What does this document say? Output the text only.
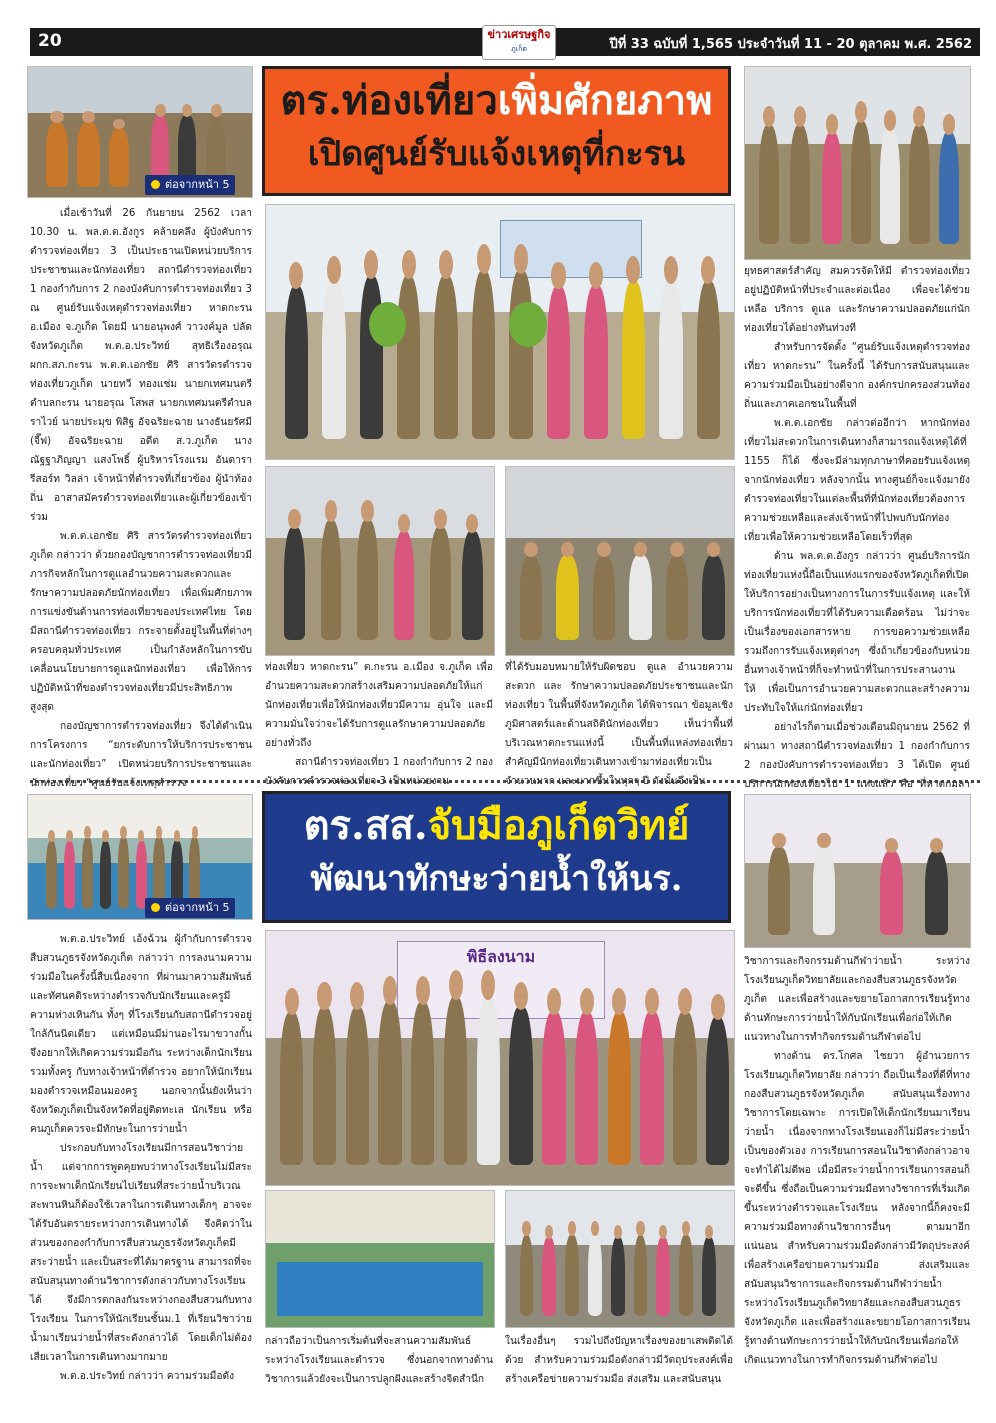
20	ข่าวเศรษฐกิจ
ภูเก็ต	ปีที่ 33 ฉบับที่ 1,565 ประจำวันที่ 11 - 20 ตุลาคม พ.ศ. 2562
ต่อจากหน้า 5
ตร.ท่องเที่ยวเพิ่มศักยภาพ
เปิดศูนย์รับแจ้งเหตุที่กะรน

เมื่อเช้าวันที่ 26 กันยายน 2562 เวลา 10.30 น. พล.ต.ต.อังกูร คล้ายคลึง ผู้บังคับการตำรวจท่องเที่ยว 3 เป็นประธานเปิดหน่วยบริการประชาชนและนักท่องเที่ยว สถานีตำรวจท่องเที่ยว 1 กองกำกับการ 2 กองบังคับการตำรวจท่องเที่ยว 3 ณ ศูนย์รับแจ้งเหตุตำรวจท่องเที่ยว หาดกะรน อ.เมือง จ.ภูเก็ต โดยมี นายอนุพงศ์ วาวงค์มูล ปลัดจังหวัดภูเก็ต พ.ต.อ.ประวิทย์ สุทธิเรืองอรุณ ผกก.สภ.กะรน พ.ต.ต.เอกชัย ศิริ สารวัตรตำรวจท่องเที่ยวภูเก็ต นายทวี ทองแช่ม นายกเทศมนตรีตำบลกะรน นายอรุณ โสพส นายกเทศมนตรีตำบลราไวย์ นายประมุข พิสิฐ อัจฉริยะฉาย นางธันยรัศมี (จี๊ฟ) อัจฉริยะฉาย อดีต ส.ว.ภูเก็ต นางณัฐฐาภิญญา แสงโพธิ์ ผู้บริหารโรงแรม อันดารา รีสอร์ท วิลล่า เจ้าหน้าที่ตำรวจที่เกี่ยวข้อง ผู้นำท้องถิ่น อาสาสมัครตำรวจท่องเที่ยวและผู้เกี่ยวข้องเข้าร่วม

พ.ต.ต.เอกชัย ศิริ สารวัตรตำรวจท่องเที่ยวภูเก็ต กล่าวว่า ด้วยกองบัญชาการตำรวจท่องเที่ยวมีภารกิจหลักในการดูแลอำนวยความสะดวกและรักษาความปลอดภัยนักท่องเที่ยว เพื่อเพิ่มศักยภาพการแข่งขันด้านการท่องเที่ยวของประเทศไทย โดยมีสถานีตำรวจท่องเที่ยว กระจายตั้งอยู่ในพื้นที่ต่างๆ ครอบคลุมทั่วประเทศ เป็นกำลังหลักในการขับเคลื่อนนโยบายการดูแลนักท่องเที่ยว เพื่อให้การปฏิบัติหน้าที่ของตำรวจท่องเที่ยวมีประสิทธิภาพสูงสุด

กองบัญชาการตำรวจท่องเที่ยว จึงได้ดำเนินการโครงการ “ยกระดับการให้บริการประชาชนและนักท่องเที่ยว” เปิดหน่วยบริการประชาชนและนักท่องเที่ยว “ศูนย์รับแจ้งเหตุตำรวจ

ท่องเที่ยว หาดกะรน” ต.กะรน อ.เมือง จ.ภูเก็ต เพื่ออำนวยความสะดวกสร้างเสริมความปลอดภัยให้แก่นักท่องเที่ยวเพื่อให้นักท่องเที่ยวมีความ อุ่นใจ และมีความมั่นใจว่าจะได้รับการดูแลรักษาความปลอดภัยอย่างทั่วถึง

สถานีตำรวจท่องเที่ยว 1 กองกำกับการ 2 กองบังคับการตำรวจท่องเที่ยว 3 เป็นหน่วยงาน

ที่ได้รับมอบหมายให้รับผิดชอบ ดูแล อำนวยความสะดวก และ รักษาความปลอดภัยประชาชนและนักท่องเที่ยว ในพื้นที่จังหวัดภูเก็ต ได้พิจารณา ข้อมูลเชิงภูมิศาสตร์และด้านสถิตินักท่องเที่ยว เห็นว่าพื้นที่บริเวณหาดกะรนแห่งนี้ เป็นพื้นที่แหล่งท่องเที่ยวสำคัญมีนักท่องเที่ยวเดินทางเข้ามาท่องเที่ยวเป็นจำนวนมาก และมากขึ้นในทุกๆ ปี ดังนั้นจึงเป็น

ยุทธศาสตร์สำคัญ สมควรจัดให้มี ตำรวจท่องเที่ยวอยู่ปฏิบัติหน้าที่ประจำและต่อเนื่อง เพื่อจะได้ช่วยเหลือ บริการ ดูแล และรักษาความปลอดภัยแก่นักท่องเที่ยวได้อย่างทันท่วงที

สำหรับการจัดตั้ง “ศูนย์รับแจ้งเหตุตำรวจท่องเที่ยว หาดกะรน” ในครั้งนี้ ได้รับการสนับสนุนและความร่วมมือเป็นอย่างดีจาก องค์กรปกครองส่วนท้องถิ่นและภาคเอกชนในพื้นที่

พ.ต.ต.เอกชัย กล่าวต่ออีกว่า หากนักท่องเที่ยวไม่สะดวกในการเดินทางก็สามารถแจ้งเหตุได้ที่ 1155 ก็ได้ ซึ่งจะมีล่ามทุกภาษาที่คอยรับแจ้งเหตุจากนักท่องเที่ยว หลังจากนั้น ทางศูนย์ก็จะแจ้งมายังตำรวจท่องเที่ยวในแต่ละพื้นที่ที่นักท่องเที่ยวต้องการความช่วยเหลือและส่งเจ้าหน้าที่ไปพบกับนักท่องเที่ยวเพื่อให้ความช่วยเหลือโดยเร็วที่สุด

ด้าน พล.ต.ต.อังกูร กล่าวว่า ศูนย์บริการนักท่องเที่ยวแห่งนี้ถือเป็นแห่งแรกของจังหวัดภูเก็ตที่เปิดให้บริการอย่างเป็นทางการในการรับแจ้งเหตุ และให้บริการนักท่องเที่ยวที่ได้รับความเดือดร้อน ไม่ว่าจะเป็นเรื่องของเอกสารหาย การขอความช่วยเหลือ รวมถึงการรับแจ้งเหตุต่างๆ ซึ่งถ้าเกี่ยวข้องกับหน่วยอื่นทางเจ้าหน้าที่ก็จะทำหน้าที่ในการประสานงาน ให้ เพื่อเป็นการอำนวยความสะดวกและสร้างความประทับใจให้แก่นักท่องเที่ยว

อย่างไรก็ตามเมื่อช่วงเดือนมิถุนายน 2562 ที่ผ่านมา ทางสถานีตำรวจท่องเที่ยว 1 กองกำกับการ 2 กองบังคับการตำรวจท่องเที่ยว 3 ได้เปิด ศูนย์บริการนักท่องเที่ยวไป 1 แห่งแล้ว คือ ที่หาดกมลา

ต่อจากหน้า 5
ตร.สส.จับมือภูเก็ตวิทย์
พัฒนาทักษะว่ายน้ำให้นร.

พ.ต.อ.ประวิทย์ เอ้งฉ้วน ผู้กำกับการตำรวจสืบสวนภูธรจังหวัดภูเก็ต กล่าวว่า การลงนามความร่วมมือในครั้งนี้สืบเนื่องจาก ที่ผ่านมาความสัมพันธ์และทัศนคติระหว่างตำรวจกับนักเรียนและครูมีความห่างเหินกัน ทั้งๆ ที่โรงเรียนกับสถานีตำรวจอยู่ใกล้กันนิดเดียว แต่เหมือนมีม่านอะไรมาขวางกั้น จึงอยากให้เกิดความร่วมมือกัน ระหว่างเด็กนักเรียนรวมทั้งครู กับทางเจ้าหน้าที่ตำรวจ อยากให้นักเรียนมองตำรวจเหมือนมองครู นอกจากนั้นยังเห็นว่าจังหวัดภูเก็ตเป็นจังหวัดที่อยู่ติดทะเล นักเรียน หรือคนภูเก็ตควรจะมีทักษะในการว่ายน้ำ

ประกอบกับทางโรงเรียนมีการสอนวิชาว่ายน้ำ แต่จากการพูดคุยพบว่าทางโรงเรียนไม่มีสระการจะพาเด็กนักเรียนไปเรียนที่สระว่ายน้ำบริเวณสะพานหินก็ต้องใช้เวลาในการเดินทางเด็กๆ อาจจะได้รับอันตรายระหว่างการเดินทางได้ จึงคิดว่าในส่วนของกองกำกับการสืบสวนภูธรจังหวัดภูเก็ตมีสระว่ายน้ำ และเป็นสระที่ได้มาตรฐาน สามารถที่จะสนับสนุนทางด้านวิชาการดังกล่าวกับทางโรงเรียนได้ จึงมีการตกลงกันระหว่างกองสืบสวนกับทางโรงเรียน ในการให้นักเรียนชั้นม.1 ที่เรียนวิชาว่ายน้ำมาเรียนว่ายน้ำที่สระดังกล่าวได้ โดยเด็กไม่ต้องเสียเวลาในการเดินทางมากมาย

พ.ต.อ.ประวิทย์ กล่าวว่า ความร่วมมือดัง

พิธีลงนาม

กล่าวถือว่าเป็นการเริ่มต้นที่จะสานความสัมพันธ์ระหว่างโรงเรียนและตำรวจ ซึ่งนอกจากทางด้านวิชาการแล้วยังจะเป็นการปลูกฝังและสร้างจิตสำนึก

ในเรื่องอื่นๆ รวมไปถึงปัญหาเรื่องของยาเสพติดได้ด้วย สำหรับความร่วมมือดังกล่าวมีวัตถุประสงค์เพื่อสร้างเครือข่ายความร่วมมือ ส่งเสริม และสนับสนุน

วิชาการและกิจกรรมด้านกีฬาว่ายน้ำ ระหว่างโรงเรียนภูเก็ตวิทยาลัยและกองสืบสวนภูธรจังหวัดภูเก็ต และเพื่อสร้างและขยายโอกาสการเรียนรู้ทางด้านทักษะการว่ายน้ำให้กับนักเรียนเพื่อก่อให้เกิดแนวทางในการทำกิจกรรมด้านกีฬาต่อไป

ทางด้าน ดร.โกศล ไชยวา ผู้อำนวยการโรงเรียนภูเก็ตวิทยาลัย กล่าวว่า ถือเป็นเรื่องที่ดีที่ทางกองสืบสวนภูธรจังหวัดภูเก็ต สนับสนุนเรื่องทางวิชาการโดยเฉพาะ การเปิดให้เด็กนักเรียนมาเรียนว่ายน้ำ เนื่องจากทางโรงเรียนเองก็ไม่มีสระว่ายน้ำเป็นของตัวเอง การเรียนการสอนในวิชาดังกล่าวอาจจะทำได้ไม่ดีพอ เมื่อมีสระว่ายน้ำการเรียนการสอนก็จะดีขึ้น ซึ่งถือเป็นความร่วมมือทางวิชาการที่เริ่มเกิดขึ้นระหว่างตำรวจและโรงเรียน หลังจากนี้ก็คงจะมีความร่วมมือทางด้านวิชาการอื่นๆ ตามมาอีกแน่นอน สำหรับความร่วมมือดังกล่าวมีวัตถุประสงค์เพื่อสร้างเครือข่ายความร่วมมือ ส่งเสริมและสนับสนุนวิชาการและกิจกรรมด้านกีฬาว่ายน้ำ ระหว่างโรงเรียนภูเก็ตวิทยาลัยและกองสืบสวนภูธรจังหวัดภูเก็ต และเพื่อสร้างและขยายโอกาสการเรียนรู้ทางด้านทักษะการว่ายน้ำให้กับนักเรียนเพื่อก่อให้เกิดแนวทางในการทำกิจกรรมด้านกีฬาต่อไป
